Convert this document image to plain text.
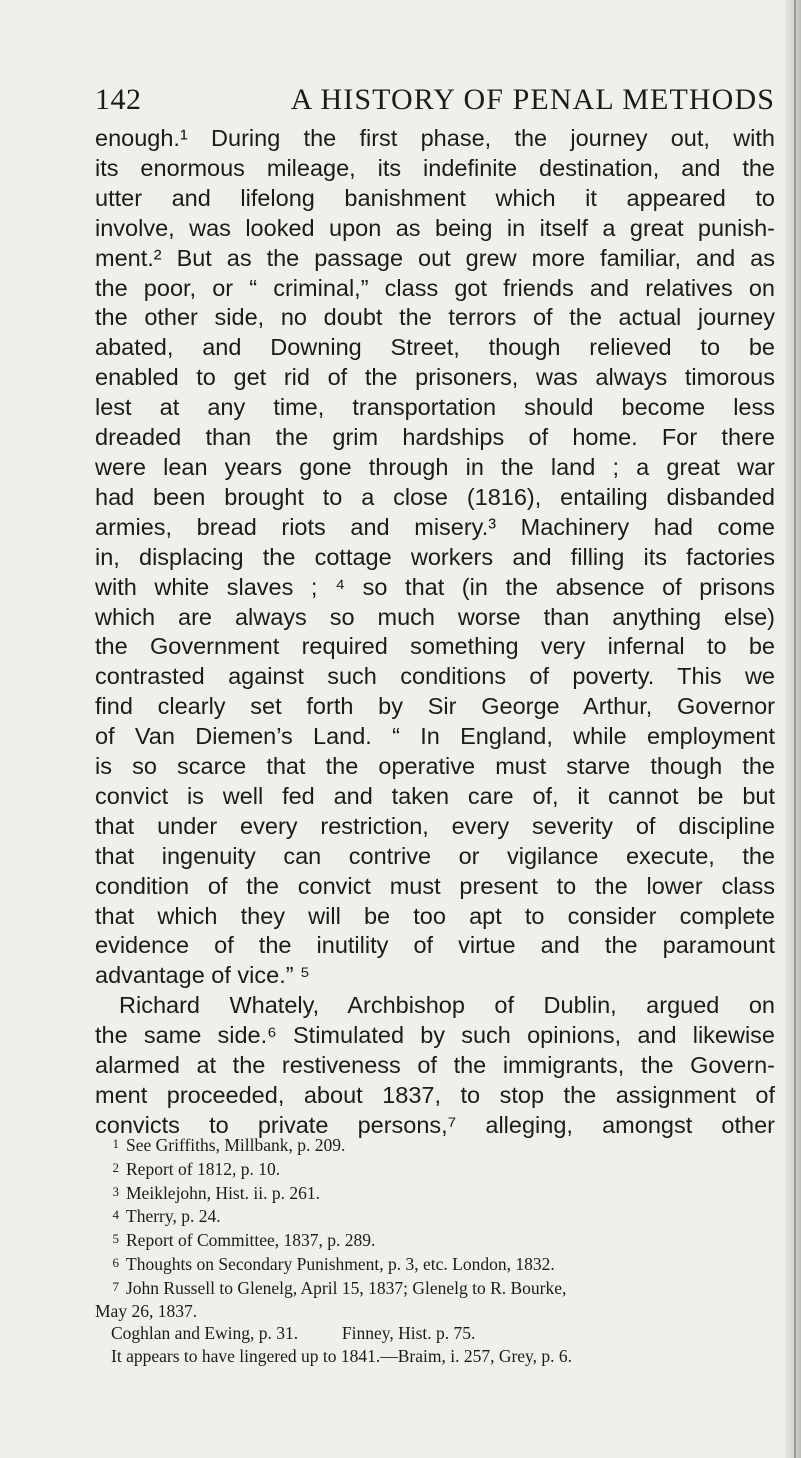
142	A HISTORY OF PENAL METHODS
enough.¹ During the first phase, the journey out, with
its enormous mileage, its indefinite destination, and the
utter and lifelong banishment which it appeared to
involve, was looked upon as being in itself a great punish-
ment.² But as the passage out grew more familiar, and as
the poor, or “ criminal,” class got friends and relatives on
the other side, no doubt the terrors of the actual journey
abated, and Downing Street, though relieved to be
enabled to get rid of the prisoners, was always timorous
lest at any time, transportation should become less
dreaded than the grim hardships of home. For there
were lean years gone through in the land ; a great war
had been brought to a close (1816), entailing disbanded
armies, bread riots and misery.³ Machinery had come
in, displacing the cottage workers and filling its factories
with white slaves ; ⁴ so that (in the absence of prisons
which are always so much worse than anything else)
the Government required something very infernal to be
contrasted against such conditions of poverty. This we
find clearly set forth by Sir George Arthur, Governor
of Van Diemen’s Land. “ In England, while employment
is so scarce that the operative must starve though the
convict is well fed and taken care of, it cannot be but
that under every restriction, every severity of discipline
that ingenuity can contrive or vigilance execute, the
condition of the convict must present to the lower class
that which they will be too apt to consider complete
evidence of the inutility of virtue and the paramount
advantage of vice.” ⁵
Richard Whately, Archbishop of Dublin, argued on
the same side.⁶ Stimulated by such opinions, and likewise
alarmed at the restiveness of the immigrants, the Govern-
ment proceeded, about 1837, to stop the assignment of
convicts to private persons,⁷ alleging, amongst other
1 See Griffiths, Millbank, p. 209.
2 Report of 1812, p. 10.
3 Meiklejohn, Hist. ii. p. 261.
4 Therry, p. 24.
5 Report of Committee, 1837, p. 289.
6 Thoughts on Secondary Punishment, p. 3, etc. London, 1832.
7 John Russell to Glenelg, April 15, 1837; Glenelg to R. Bourke,
May 26, 1837.
Coghlan and Ewing, p. 31.          Finney, Hist. p. 75.
It appears to have lingered up to 1841.—Braim, i. 257, Grey, p. 6.
